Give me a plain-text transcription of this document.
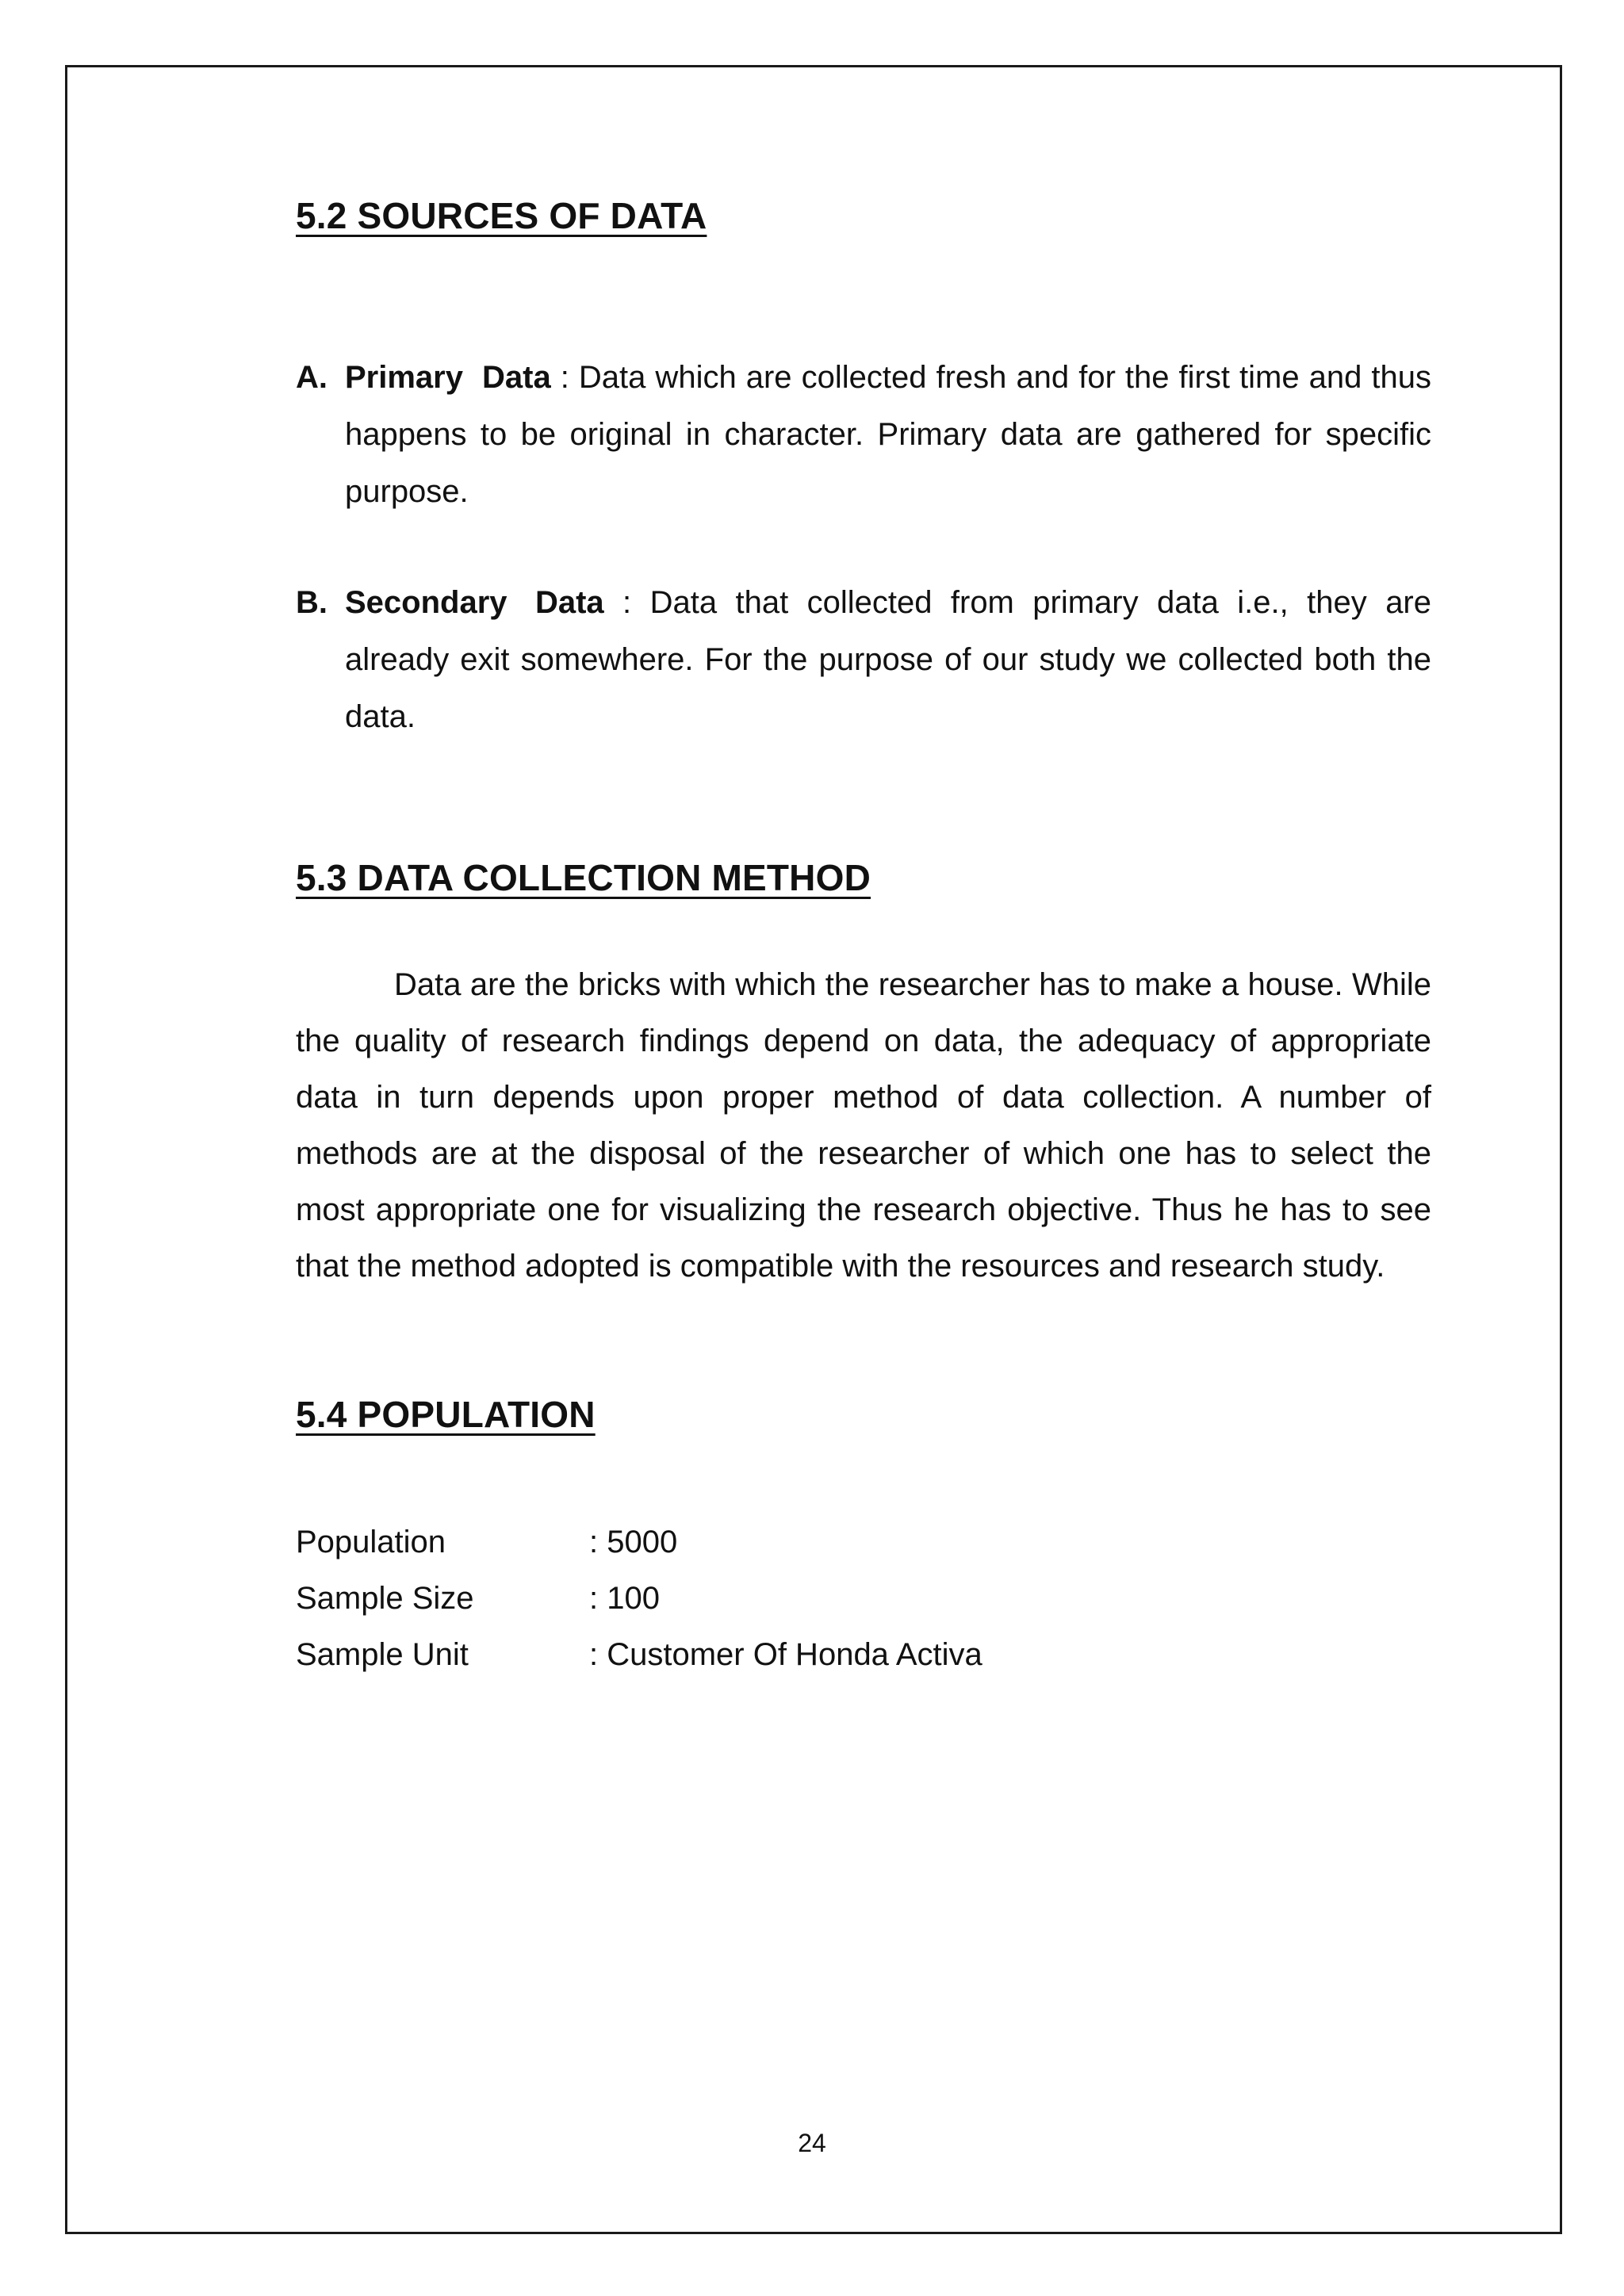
5.2 SOURCES OF DATA
A. Primary Data : Data which are collected fresh and for the first time and thus happens to be original in character. Primary data are gathered for specific purpose.
B. Secondary Data : Data that collected from primary data i.e., they are already exit somewhere. For the purpose of our study we collected both the data.
5.3 DATA COLLECTION METHOD

Data are the bricks with which the researcher has to make a house. While the quality of research findings depend on data, the adequacy of appropriate data in turn depends upon proper method of data collection. A number of methods are at the disposal of the researcher of which one has to select the most appropriate one for visualizing the research objective. Thus he has to see that the method adopted is compatible with the resources and research study.

5.4 POPULATION
Population	: 5000
Sample Size	: 100
Sample Unit	: Customer Of Honda Activa
24
